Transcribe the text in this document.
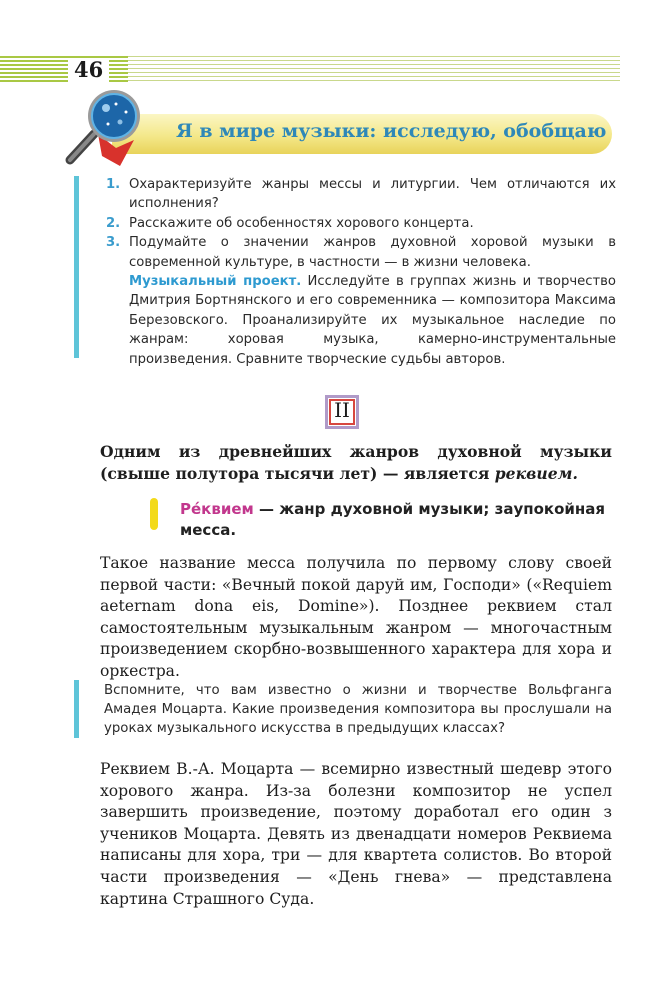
46
Я в мире музыки: исследую, обобщаю
1. Охарактеризуйте жанры мессы и литургии. Чем отличаются их исполнения?
2. Расскажите об особенностях хорового концерта.
3. Подумайте о значении жанров духовной хоровой музыки в современной культуре, в частности — в жизни человека.
Музыкальный проект. Исследуйте в группах жизнь и творчество Дмитрия Бортнянского и его современника — композитора Максима Березовского. Проанализируйте их музыкальное наследие по жанрам: хоровая музыка, камерно-инструментальные произведения. Сравните творческие судьбы авторов.
II
Одним из древнейших жанров духовной музыки (свыше полутора тысячи лет) — является реквием.
Ре́квием — жанр духовной музыки; заупокойная месса.
Такое название месса получила по первому слову своей первой части: «Вечный покой даруй им, Господи» («Requiem aeternam dona eis, Domine»). Позднее реквием стал самостоятельным музыкальным жанром — многочастным произведением скорбно-возвышенного характера для хора и оркестра.
Вспомните, что вам известно о жизни и творчестве Вольфганга Амадея Моцарта. Какие произведения композитора вы прослушали на уроках музыкального искусства в предыдущих классах?
Реквием В.-А. Моцарта — всемирно известный шедевр этого хорового жанра. Из-за болезни композитор не успел завершить произведение, поэтому доработал его один з учеников Моцарта. Девять из двенадцати номеров Реквиема написаны для хора, три — для квартета солистов. Во второй части произведения — «День гнева» — представлена картина Страшного Суда.
